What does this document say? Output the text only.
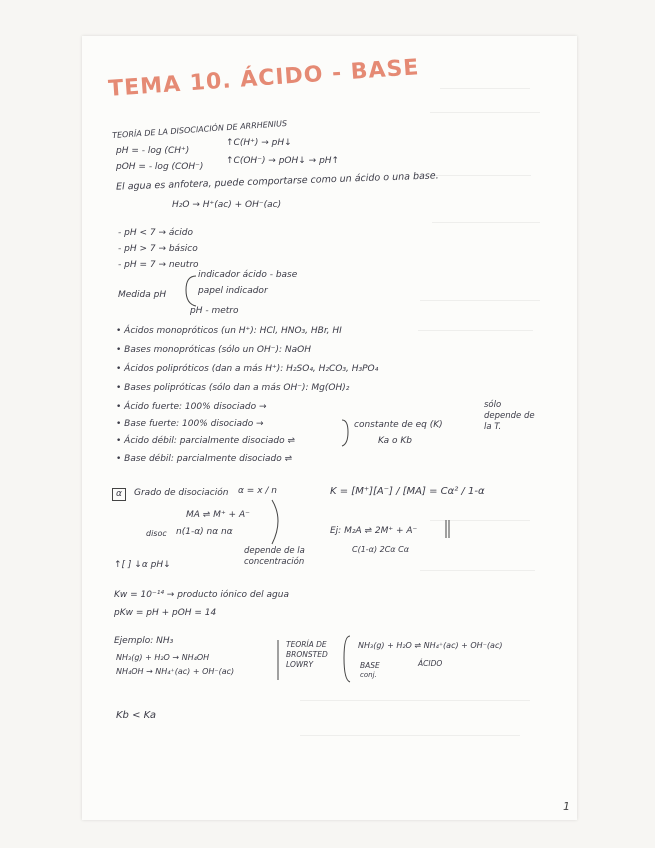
TEMA 10. ÁCIDO - BASE
TEORÍA DE LA DISOCIACIÓN DE ARRHENIUS
pH = - log (CH⁺)
↑C(H⁺) → pH↓
pOH = - log (COH⁻)
↑C(OH⁻) → pOH↓ → pH↑
El agua es anfotera, puede comportarse como un ácido o una base.
H₂O → H⁺(ac) + OH⁻(ac)
- pH < 7 → ácido
- pH > 7 → básico
- pH = 7 → neutro
Medida pH
indicador ácido - base
papel indicador
pH - metro
• Ácidos monopróticos (un H⁺): HCl, HNO₃, HBr, HI
• Bases monopróticas (sólo un OH⁻): NaOH
• Ácidos polipróticos (dan a más H⁺): H₂SO₄, H₂CO₃, H₃PO₄
• Bases polipróticas (sólo dan a más OH⁻): Mg(OH)₂
• Ácido fuerte: 100% disociado →
• Base fuerte: 100% disociado →
• Ácido débil: parcialmente disociado ⇌
• Base débil: parcialmente disociado ⇌
constante de eq (K)
Ka o Kb
sólo depende de la T.
α	Grado de disociación α = x / n
MA ⇌ M⁺ + A⁻
disoc n(1-α) nα nα
depende de la concentración
K = [M⁺][A⁻] / [MA] = Cα² / 1-α
Ej: M₂A ⇌ 2M⁺ + A⁻
C(1-α) 2Cα Cα
↑[ ] ↓α pH↓
Kw = 10⁻¹⁴ → producto iónico del agua
pKw = pH + pOH = 14
Ejemplo: NH₃
NH₃(g) + H₂O → NH₄OH
NH₄OH → NH₄⁺(ac) + OH⁻(ac)
TEORÍA DE BRONSTED LOWRY
NH₃(g) + H₂O ⇌ NH₄⁺(ac) + OH⁻(ac)
BASE
conj.
ÁCIDO
Kb < Ka
1
